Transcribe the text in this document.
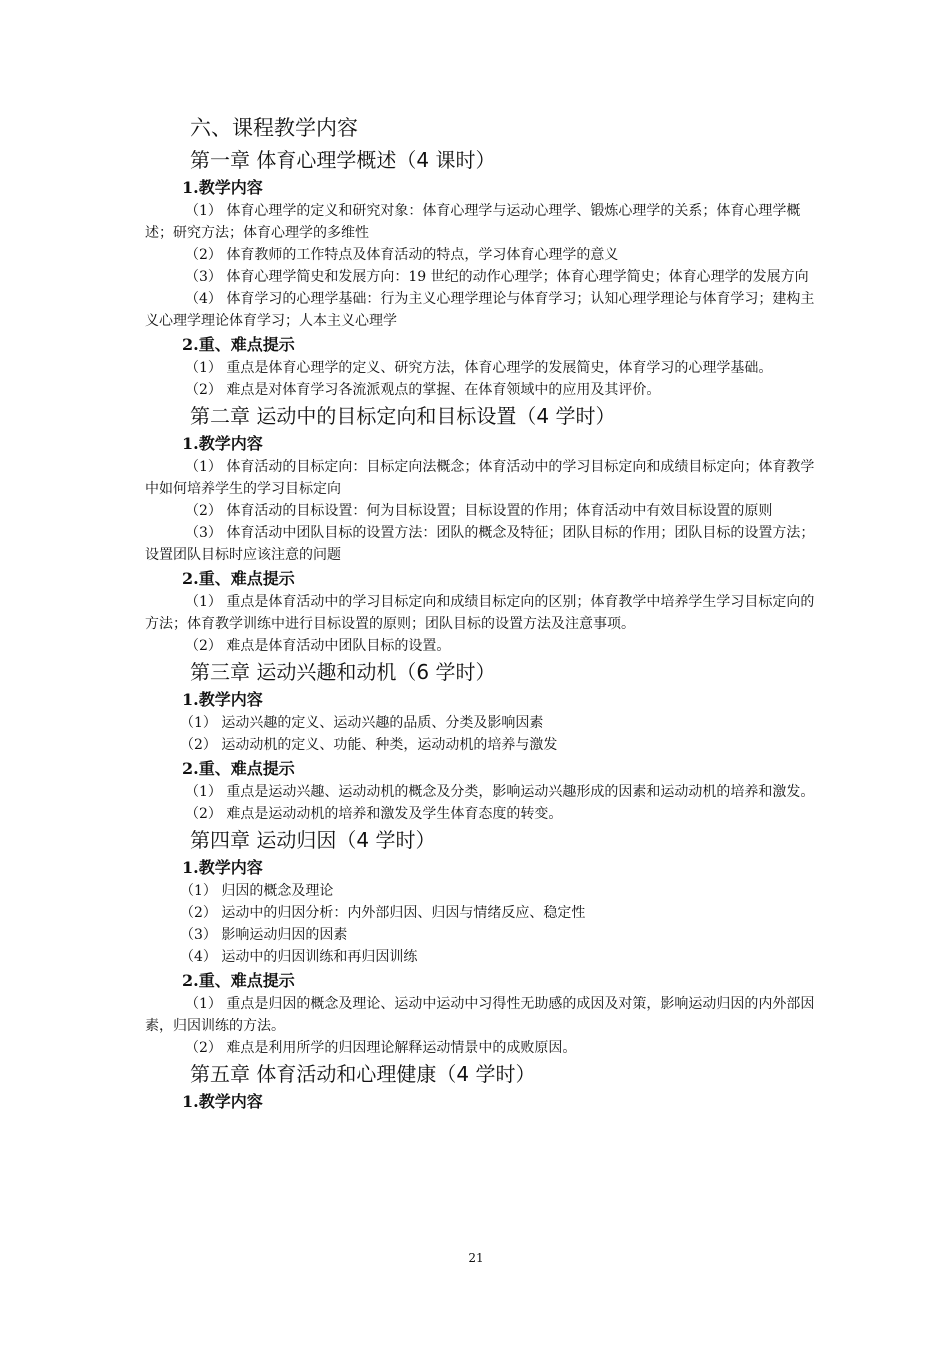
六、课程教学内容
第一章 体育心理学概述（4 课时）
1.教学内容

（1） 体育心理学的定义和研究对象：体育心理学与运动心理学、锻炼心理学的关系；体育心理学概述；研究方法；体育心理学的多维性

（2） 体育教师的工作特点及体育活动的特点，学习体育心理学的意义

（3） 体育心理学简史和发展方向：19 世纪的动作心理学；体育心理学简史；体育心理学的发展方向

（4） 体育学习的心理学基础：行为主义心理学理论与体育学习；认知心理学理论与体育学习；建构主义心理学理论体育学习；人本主义心理学

2.重、难点提示

（1） 重点是体育心理学的定义、研究方法，体育心理学的发展简史，体育学习的心理学基础。

（2） 难点是对体育学习各流派观点的掌握、在体育领域中的应用及其评价。

第二章 运动中的目标定向和目标设置（4 学时）
1.教学内容

（1） 体育活动的目标定向：目标定向法概念；体育活动中的学习目标定向和成绩目标定向；体育教学中如何培养学生的学习目标定向

（2） 体育活动的目标设置：何为目标设置；目标设置的作用；体育活动中有效目标设置的原则

（3） 体育活动中团队目标的设置方法：团队的概念及特征；团队目标的作用；团队目标的设置方法；设置团队目标时应该注意的问题

2.重、难点提示

（1） 重点是体育活动中的学习目标定向和成绩目标定向的区别；体育教学中培养学生学习目标定向的方法；体育教学训练中进行目标设置的原则；团队目标的设置方法及注意事项。

（2） 难点是体育活动中团队目标的设置。

第三章 运动兴趣和动机（6 学时）
1.教学内容

（1） 运动兴趣的定义、运动兴趣的品质、分类及影响因素

（2） 运动动机的定义、功能、种类，运动动机的培养与激发

2.重、难点提示

（1） 重点是运动兴趣、运动动机的概念及分类，影响运动兴趣形成的因素和运动动机的培养和激发。

（2） 难点是运动动机的培养和激发及学生体育态度的转变。

第四章 运动归因（4 学时）
1.教学内容

（1） 归因的概念及理论

（2） 运动中的归因分析：内外部归因、归因与情绪反应、稳定性

（3） 影响运动归因的因素

（4） 运动中的归因训练和再归因训练

2.重、难点提示

（1） 重点是归因的概念及理论、运动中运动中习得性无助感的成因及对策，影响运动归因的内外部因素，归因训练的方法。

（2） 难点是利用所学的归因理论解释运动情景中的成败原因。

第五章 体育活动和心理健康（4 学时）
1.教学内容
21
